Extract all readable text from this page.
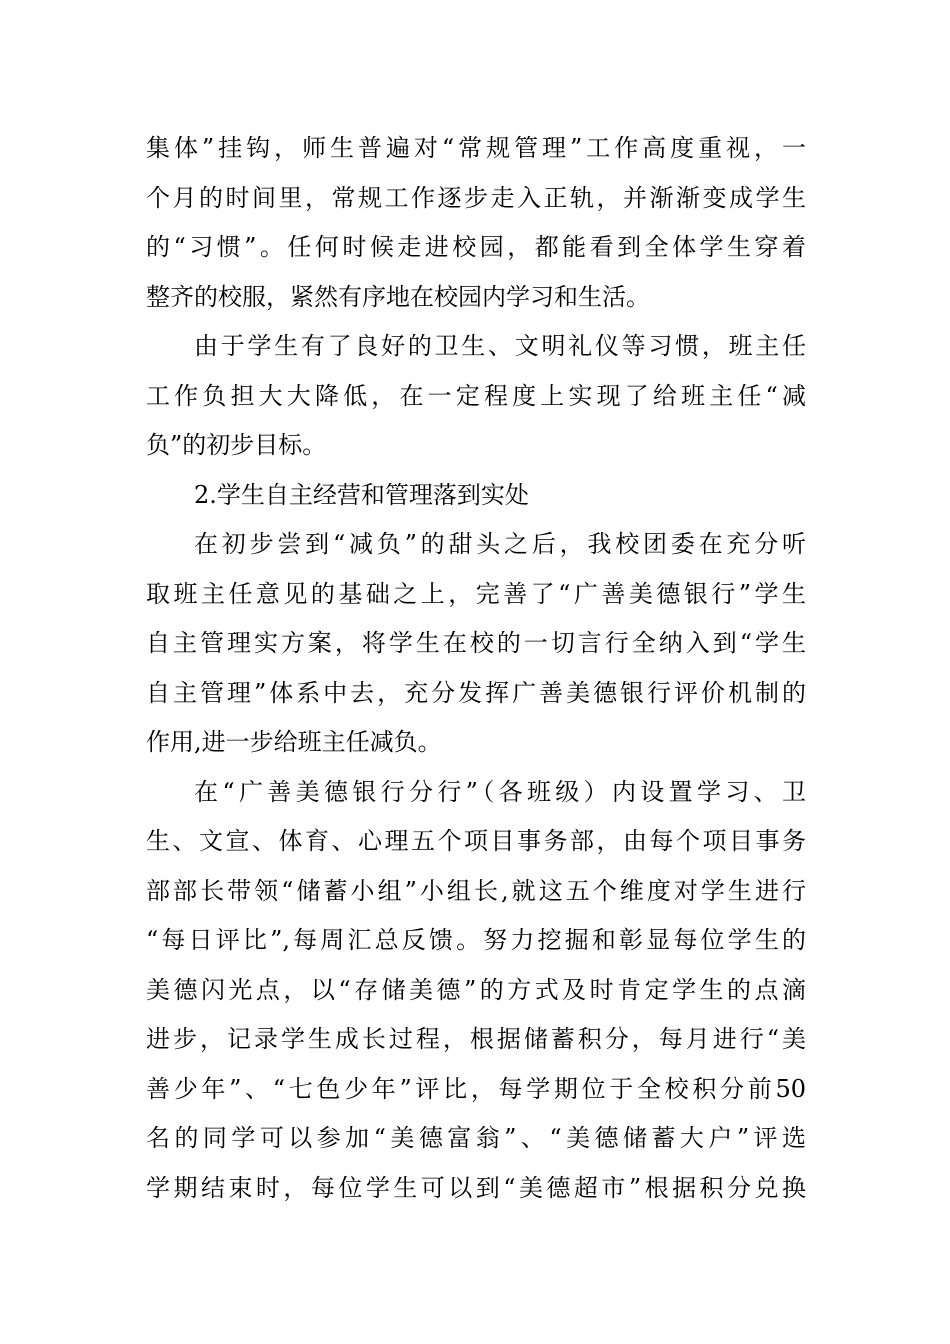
集体”挂钩，师生普遍对“常规管理”工作高度重视，一
个月的时间里，常规工作逐步走入正轨，并渐渐变成学生
的“习惯”。任何时候走进校园，都能看到全体学生穿着
整齐的校服，紧然有序地在校园内学习和生活。
由于学生有了良好的卫生、文明礼仪等习惯，班主任
工作负担大大降低，在一定程度上实现了给班主任“减
负”的初步目标。
2.学生自主经营和管理落到实处
在初步尝到“减负”的甜头之后，我校团委在充分听
取班主任意见的基础之上，完善了“广善美德银行”学生
自主管理实方案，将学生在校的一切言行全纳入到“学生
自主管理”体系中去，充分发挥广善美德银行评价机制的
作用,进一步给班主任减负。
在“广善美德银行分行”（各班级）内设置学习、卫
生、文宣、体育、心理五个项目事务部，由每个项目事务
部部长带领“储蓄小组”小组长,就这五个维度对学生进行
“每日评比”,每周汇总反馈。努力挖掘和彰显每位学生的
美德闪光点，以“存储美德”的方式及时肯定学生的点滴
进步，记录学生成长过程，根据储蓄积分，每月进行“美
善少年”、“七色少年”评比，每学期位于全校积分前50
名的同学可以参加“美德富翁”、“美德储蓄大户”评选
学期结束时，每位学生可以到“美德超市”根据积分兑换
